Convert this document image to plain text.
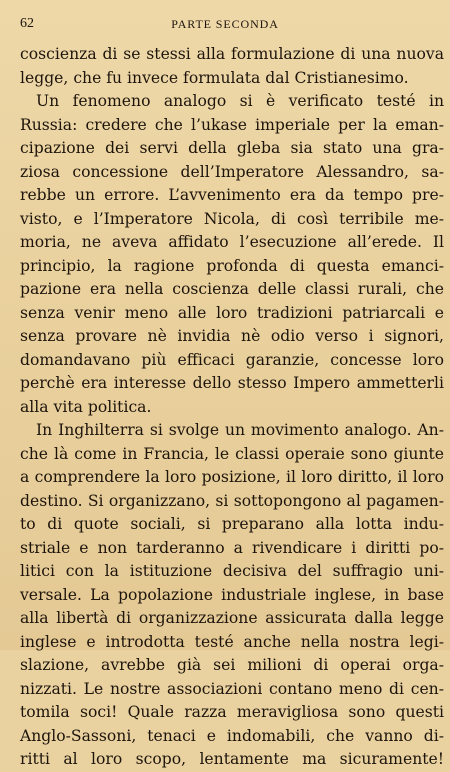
62	PARTE SECONDA
coscienza di se stessi alla formulazione di una nuova
legge, che fu invece formulata dal Cristianesimo.
Un fenomeno analogo si è verificato testé in
Russia: credere che l’ukase imperiale per la eman-
cipazione dei servi della gleba sia stato una gra-
ziosa concessione dell’Imperatore Alessandro, sa-
rebbe un errore. L’avvenimento era da tempo pre-
visto, e l’Imperatore Nicola, di così terribile me-
moria, ne aveva affidato l’esecuzione all’erede. Il
principio, la ragione profonda di questa emanci-
pazione era nella coscienza delle classi rurali, che
senza venir meno alle loro tradizioni patriarcali e
senza provare nè invidia nè odio verso i signori,
domandavano più efficaci garanzie, concesse loro
perchè era interesse dello stesso Impero ammetterli
alla vita politica.
In Inghilterra si svolge un movimento analogo. An-
che là come in Francia, le classi operaie sono giunte
a comprendere la loro posizione, il loro diritto, il loro
destino. Si organizzano, si sottopongono al pagamen-
to di quote sociali, si preparano alla lotta indu-
striale e non tarderanno a rivendicare i diritti po-
litici con la istituzione decisiva del suffragio uni-
versale. La popolazione industriale inglese, in base
alla libertà di organizzazione assicurata dalla legge
inglese e introdotta testé anche nella nostra legi-
slazione, avrebbe già sei milioni di operai orga-
nizzati. Le nostre associazioni contano meno di cen-
tomila soci! Quale razza meravigliosa sono questi
Anglo-Sassoni, tenaci e indomabili, che vanno di-
ritti al loro scopo, lentamente ma sicuramente!
